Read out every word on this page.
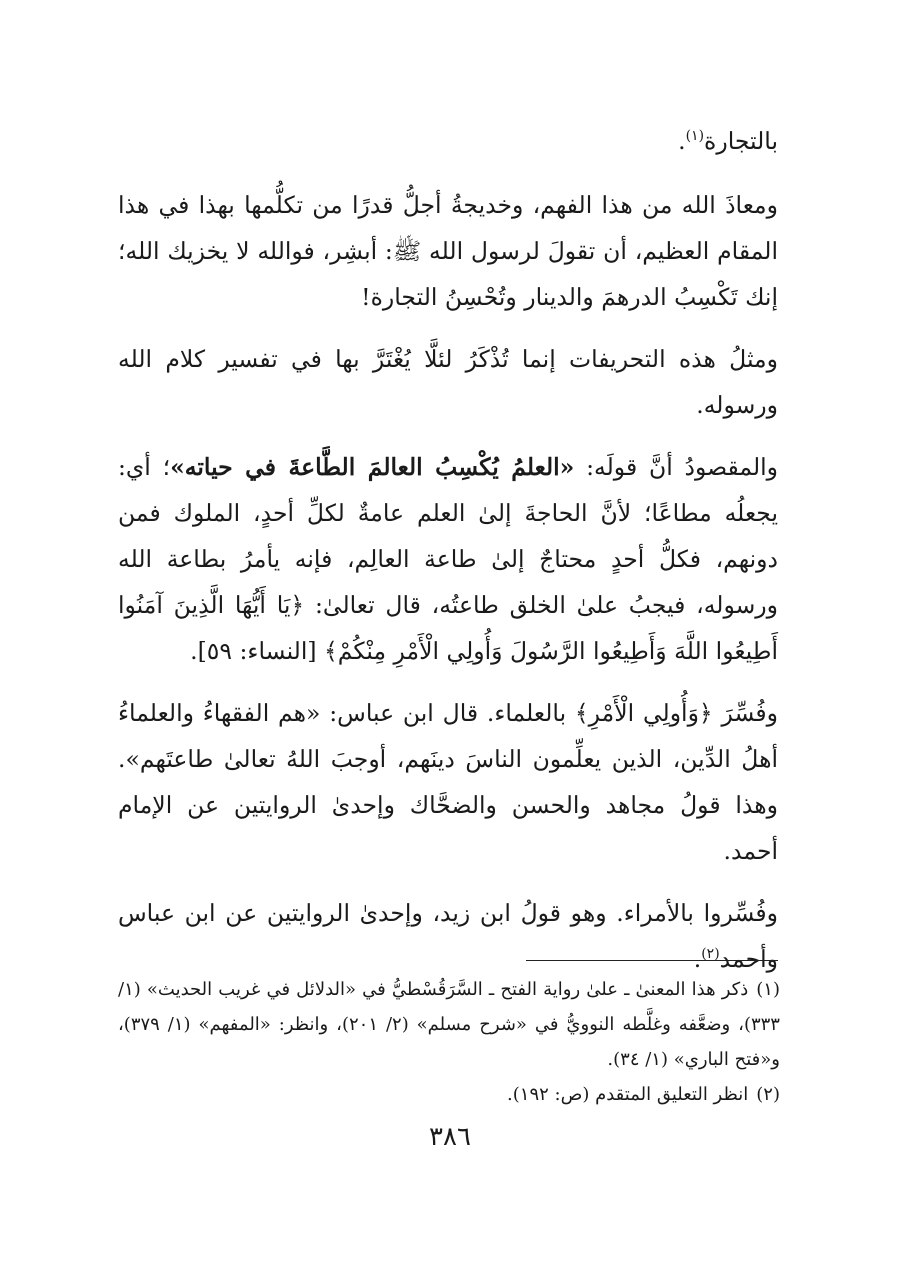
بالتجارة$^{(١)}$.

ومعاذَ الله من هذا الفهم، وخديجةُ أجلُّ قدرًا من تكلُّمها بهذا في هذا المقام العظيم، أن تقولَ لرسول الله ﷺ: أبشِر، فوالله لا يخزيك الله؛ إنك تَكْسِبُ الدرهمَ والدينار وتُحْسِنُ التجارة!

ومثلُ هذه التحريفات إنما تُذْكَرُ لئلَّا يُغْتَرَّ بها في تفسير كلام الله ورسوله.

والمقصودُ أنَّ قولَه: «العلمُ يُكْسِبُ العالمَ الطَّاعةَ في حياته»؛ أي: يجعلُه مطاعًا؛ لأنَّ الحاجةَ إلىٰ العلم عامةٌ لكلِّ أحدٍ، الملوك فمن دونهم، فكلُّ أحدٍ محتاجٌ إلىٰ طاعة العالِم، فإنه يأمرُ بطاعة الله ورسوله، فيجبُ علىٰ الخلق طاعتُه، قال تعالىٰ: ﴿يَا أَيُّهَا الَّذِينَ آمَنُوا أَطِيعُوا اللَّهَ وَأَطِيعُوا الرَّسُولَ وَأُولِي الْأَمْرِ مِنْكُمْ﴾ [النساء: ٥٩].

وفُسِّرَ ﴿وَأُولِي الْأَمْرِ﴾ بالعلماء. قال ابن عباس: «هم الفقهاءُ والعلماءُ أهلُ الدِّين، الذين يعلِّمون الناسَ دينَهم، أوجبَ اللهُ تعالىٰ طاعتَهم». وهذا قولُ مجاهد والحسن والضحَّاك وإحدىٰ الروايتين عن الإمام أحمد.

وفُسِّروا بالأمراء. وهو قولُ ابن زيد، وإحدىٰ الروايتين عن ابن عباس وأحمد$^{(٢)}$.

(١)ذكر هذا المعنىٰ ـ علىٰ رواية الفتح ـ السَّرَقُسْطيُّ في «الدلائل في غريب الحديث» (١/ ٣٣٣)، وضعَّفه وغلَّطه النوويُّ في «شرح مسلم» (٢/ ٢٠١)، وانظر: «المفهم» (١/ ٣٧٩)، و«فتح الباري» (١/ ٣٤).

(٢)انظر التعليق المتقدم (ص: ١٩٢).

٣٨٦
